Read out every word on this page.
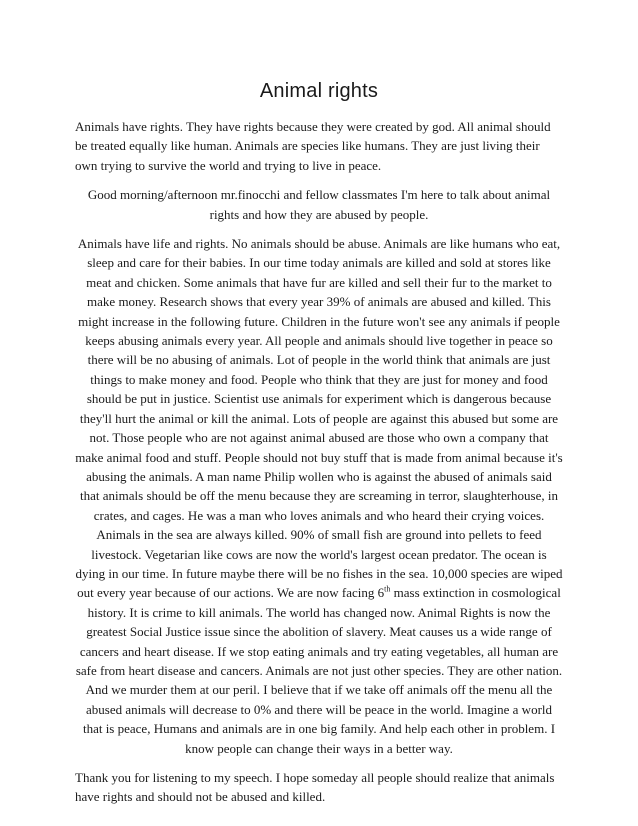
Animal rights

Animals have rights. They have rights because they were created by god. All animal should be treated equally like human. Animals are species like humans. They are just living their own trying to survive the world and trying to live in peace.

Good morning/afternoon mr.finocchi and fellow classmates I'm here to talk about animal rights and how they are abused by people.

Animals have life and rights. No animals should be abuse. Animals are like humans who eat, sleep and care for their babies. In our time today animals are killed and sold at stores like meat and chicken. Some animals that have fur are killed and sell their fur to the market to make money. Research shows that every year 39% of animals are abused and killed. This might increase in the following future. Children in the future won't see any animals if people keeps abusing animals every year. All people and animals should live together in peace so there will be no abusing of animals. Lot of people in the world think that animals are just things to make money and food. People who think that they are just for money and food should be put in justice. Scientist use animals for experiment which is dangerous because they'll hurt the animal or kill the animal. Lots of people are against this abused but some are not. Those people who are not against animal abused are those who own a company that make animal food and stuff. People should not buy stuff that is made from animal because it's abusing the animals. A man name Philip wollen who is against the abused of animals said that animals should be off the menu because they are screaming in terror, slaughterhouse, in crates, and cages. He was a man who loves animals and who heard their crying voices. Animals in the sea are always killed. 90% of small fish are ground into pellets to feed livestock. Vegetarian like cows are now the world's largest ocean predator. The ocean is dying in our time. In future maybe there will be no fishes in the sea. 10,000 species are wiped out every year because of our actions. We are now facing 6th mass extinction in cosmological history. It is crime to kill animals. The world has changed now. Animal Rights is now the greatest Social Justice issue since the abolition of slavery. Meat causes us a wide range of cancers and heart disease. If we stop eating animals and try eating vegetables, all human are safe from heart disease and cancers. Animals are not just other species. They are other nation. And we murder them at our peril. I believe that if we take off animals off the menu all the abused animals will decrease to 0% and there will be peace in the world. Imagine a world that is peace, Humans and animals are in one big family. And help each other in problem. I know people can change their ways in a better way.

Thank you for listening to my speech. I hope someday all people should realize that animals have rights and should not be abused and killed.
